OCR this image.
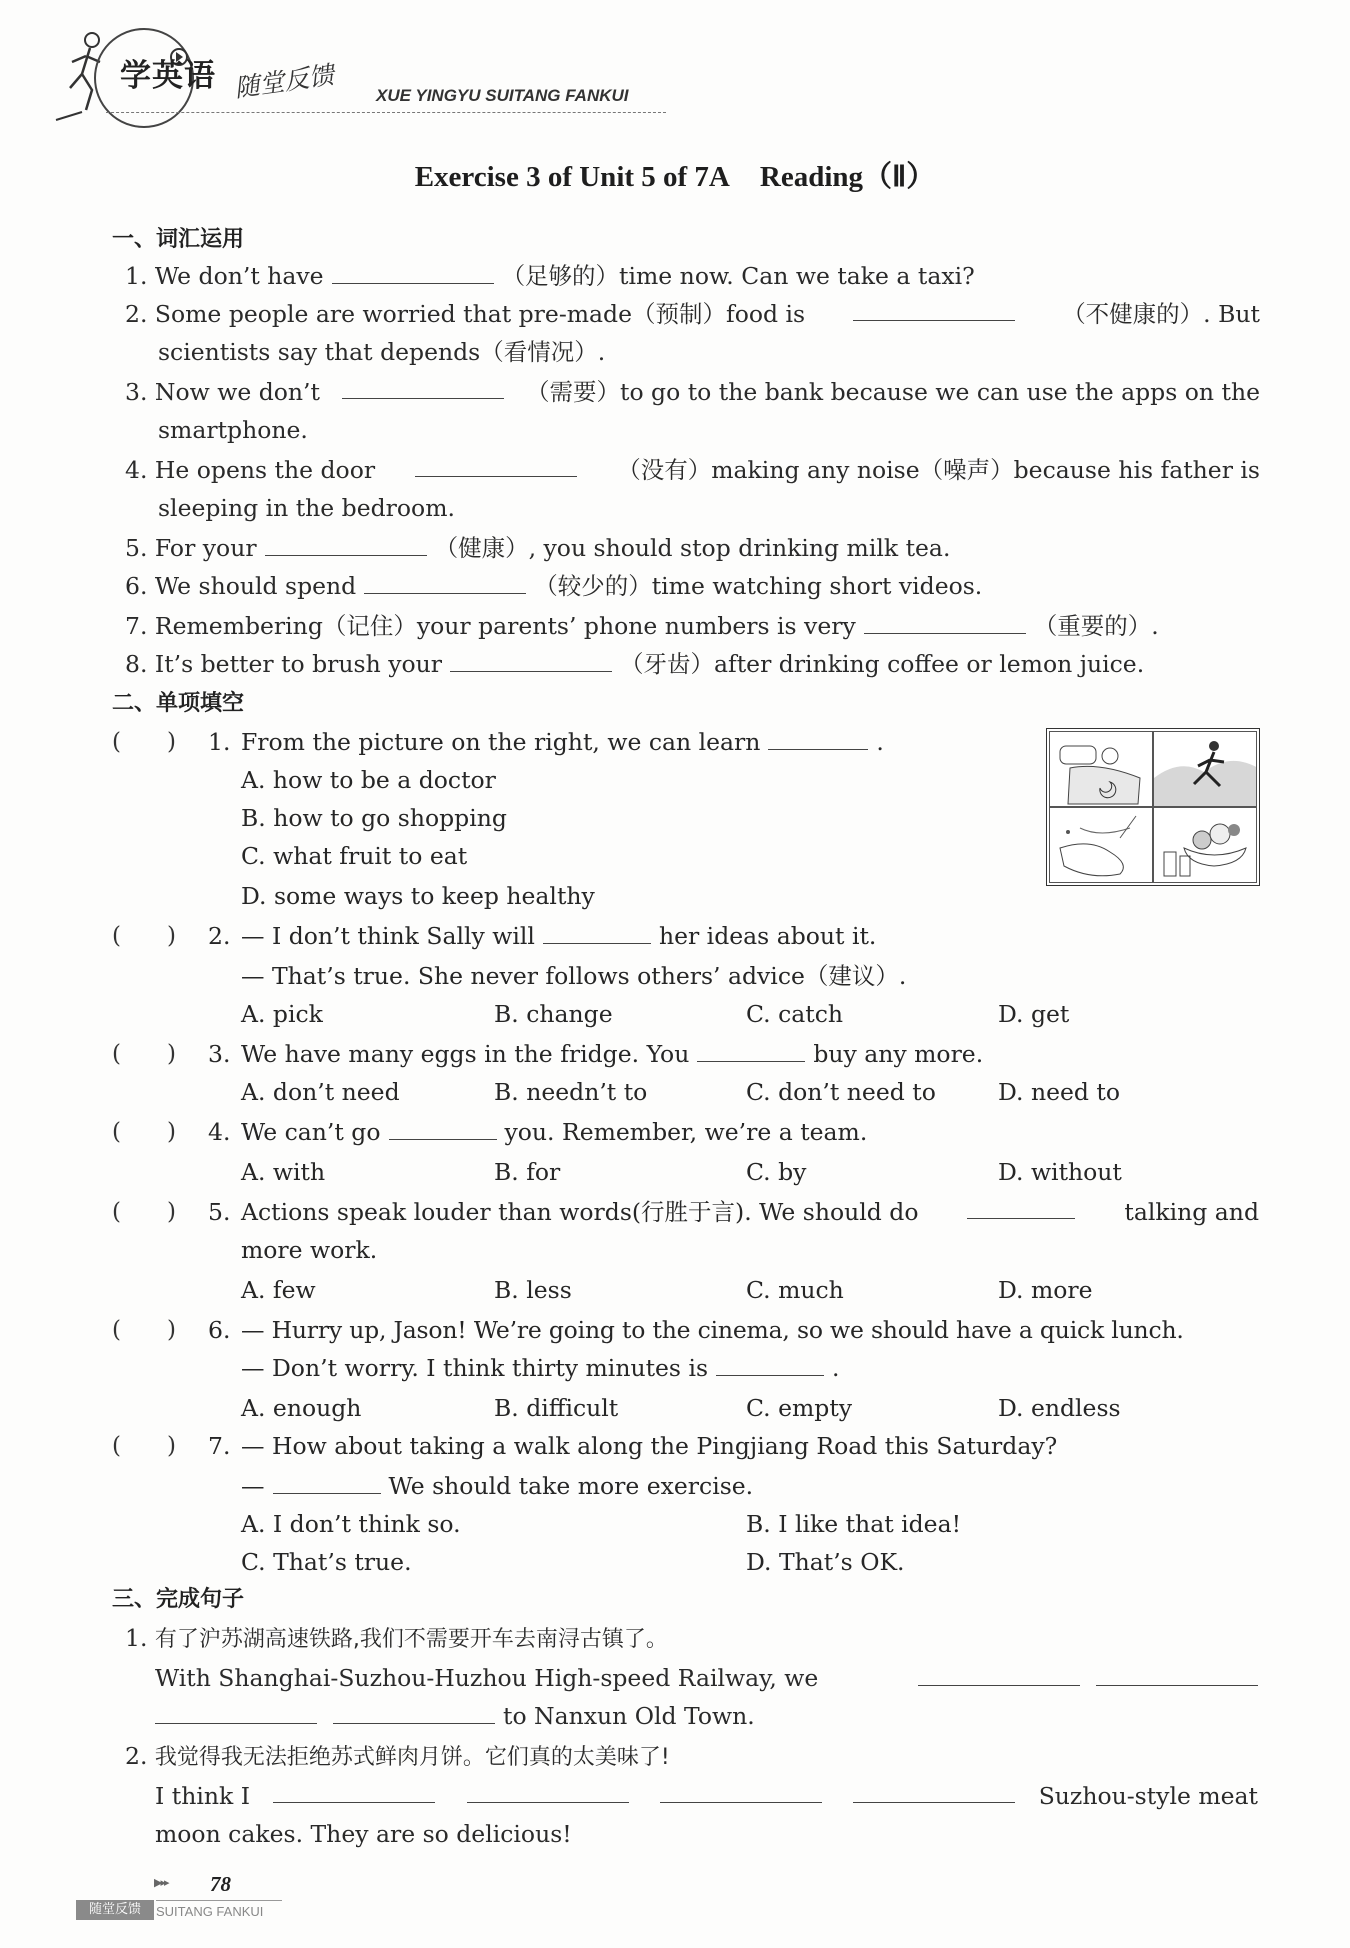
学英语 随堂反馈 XUE YINGYU SUITANG FANKUI
Exercise 3 of Unit 5 of 7A Reading（Ⅱ）
一、词汇运用
1. We don’t have	（足够的）time now. Can we take a taxi?
2. Some people are worried that pre-made（预制）food is	（不健康的）. But
scientists say that depends（看情况）.
3. Now we don’t	（需要）to go to the bank because we can use the apps on the
smartphone.
4. He opens the door	（没有）making any noise（噪声）because his father is
sleeping in the bedroom.
5. For your	（健康）, you should stop drinking milk tea.
6. We should spend	（较少的）time watching short videos.
7. Remembering（记住）your parents’ phone numbers is very	（重要的）.
8. It’s better to brush your	（牙齿）after drinking coffee or lemon juice.
二、单项填空
(　　) 1. From the picture on the right, we can learn	.
A. how to be a doctor
B. how to go shopping
C. what fruit to eat
D. some ways to keep healthy
(　　) 2. — I don’t think Sally will	her ideas about it.
— That’s true. She never follows others’ advice（建议）.
A. pick	B. change	C. catch	D. get
(　　) 3. We have many eggs in the fridge. You	buy any more.
A. don’t need	B. needn’t to	C. don’t need to	D. need to
(　　) 4. We can’t go	you. Remember, we’re a team.
A. with	B. for	C. by	D. without
(　　) 5. Actions speak louder than words(行胜于言). We should do	talking and
more work.
A. few	B. less	C. much	D. more
(　　) 6. — Hurry up, Jason! We’re going to the cinema, so we should have a quick lunch.
— Don’t worry. I think thirty minutes is	.
A. enough	B. difficult	C. empty	D. endless
(　　) 7. — How about taking a walk along the Pingjiang Road this Saturday?
—	We should take more exercise.
A. I don’t think so.	B. I like that idea!
C. That’s true.	D. That’s OK.
三、完成句子
1. 有了沪苏湖高速铁路,我们不需要开车去南浔古镇了。
With Shanghai-Suzhou-Huzhou High-speed Railway, we
to Nanxun Old Town.
2. 我觉得我无法拒绝苏式鲜肉月饼。它们真的太美味了!
I think I	Suzhou-style meat
moon cakes. They are so delicious!
▶▸▸ 78
随堂反馈	SUITANG FANKUI
